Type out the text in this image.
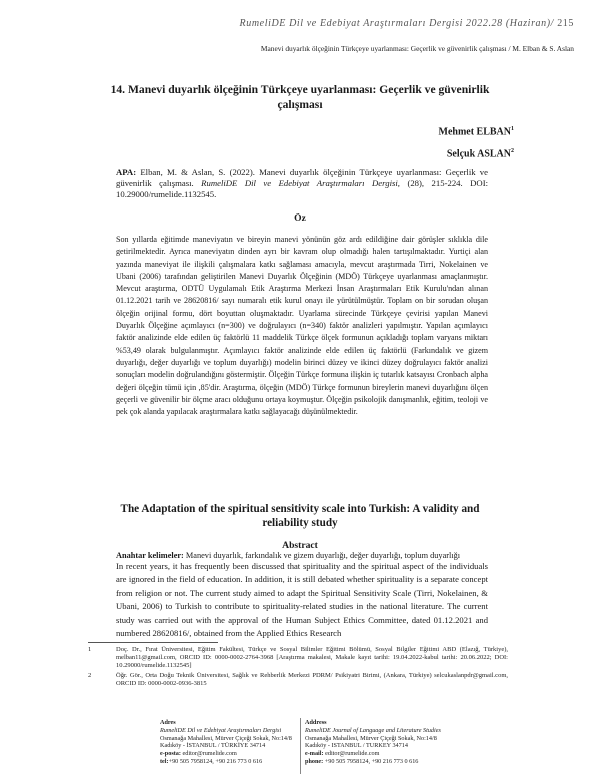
RumeliDE Dil ve Edebiyat Araştırmaları Dergisi 2022.28 (Haziran)/ 215
Manevi duyarlık ölçeğinin Türkçeye uyarlanması: Geçerlik ve güvenirlik çalışması / M. Elban & S. Aslan
14. Manevi duyarlık ölçeğinin Türkçeye uyarlanması: Geçerlik ve güvenirlik çalışması
Mehmet ELBAN$^1$
Selçuk ASLAN$^2$
APA: Elban, M. & Aslan, S. (2022). Manevi duyarlık ölçeğinin Türkçeye uyarlanması: Geçerlik ve güvenirlik çalışması. RumeliDE Dil ve Edebiyat Araştırmaları Dergisi, (28), 215-224. DOI: 10.29000/rumelide.1132545.
Öz

Son yıllarda eğitimde maneviyatın ve bireyin manevi yönünün göz ardı edildiğine dair görüşler sıklıkla dile getirilmektedir. Ayrıca maneviyatın dinden ayrı bir kavram olup olmadığı halen tartışılmaktadır. Yurtiçi alan yazında maneviyat ile ilişkili çalışmalara katkı sağlaması amacıyla, mevcut araştırmada Tirri, Nokelainen ve Ubani (2006) tarafından geliştirilen Manevi Duyarlık Ölçeğinin (MDÖ) Türkçeye uyarlanması amaçlanmıştır. Mevcut araştırma, ODTÜ Uygulamalı Etik Araştırma Merkezi İnsan Araştırmaları Etik Kurulu'ndan alınan 01.12.2021 tarih ve 28620816/ sayı numaralı etik kurul onayı ile yürütülmüştür. Toplam on bir sorudan oluşan ölçeğin orijinal formu, dört boyuttan oluşmaktadır. Uyarlama sürecinde Türkçeye çevirisi yapılan Manevi Duyarlık Ölçeğine açımlayıcı (n=300) ve doğrulayıcı (n=340) faktör analizleri yapılmıştır. Yapılan açımlayıcı faktör analizinde elde edilen üç faktörlü 11 maddelik Türkçe ölçek formunun açıkladığı toplam varyans miktarı %53,49 olarak bulgulanmıştır. Açımlayıcı faktör analizinde elde edilen üç faktörlü (Farkındalık ve gizem duyarlığı, değer duyarlığı ve toplum duyarlığı) modelin birinci düzey ve ikinci düzey doğrulayıcı faktör analizi sonuçları modelin doğrulandığını göstermiştir. Ölçeğin Türkçe formuna ilişkin iç tutarlık katsayısı Cronbach alpha değeri ölçeğin tümü için ,85'dir. Araştırma, ölçeğin (MDÖ) Türkçe formunun bireylerin manevi duyarlığını ölçen geçerli ve güvenilir bir ölçme aracı olduğunu ortaya koymuştur. Ölçeğin psikolojik danışmanlık, eğitim, teoloji ve pek çok alanda yapılacak araştırmalara katkı sağlayacağı düşünülmektedir.

Anahtar kelimeler: Manevi duyarlık, farkındalık ve gizem duyarlığı, değer duyarlığı, toplum duyarlığı
The Adaptation of the spiritual sensitivity scale into Turkish: A validity and reliability study
Abstract
In recent years, it has frequently been discussed that spirituality and the spiritual aspect of the individuals are ignored in the field of education. In addition, it is still debated whether spirituality is a separate concept from religion or not. The current study aimed to adapt the Spiritual Sensitivity Scale (Tirri, Nokelainen, & Ubani, 2006) to Turkish to contribute to spirituality-related studies in the national literature. The current study was carried out with the approval of the Human Subject Ethics Committee, dated 01.12.2021 and numbered 28620816/, obtained from the Applied Ethics Research
1	Doç. Dr., Fırat Üniversitesi, Eğitim Fakültesi, Türkçe ve Sosyal Bilimler Eğitimi Bölümü, Sosyal Bilgiler Eğitimi ABD (Elazığ, Türkiye), melban11@gmail.com, ORCID ID: 0000-0002-2764-3968 [Araştırma makalesi, Makale kayıt tarihi: 19.04.2022-kabul tarihi: 20.06.2022; DOI: 10.29000/rumelide.1132545]
2	Öğr. Gör., Orta Doğu Teknik Üniversitesi, Sağlık ve Rehberlik Merkezi PDRM/ Psikiyatri Birimi, (Ankara, Türkiye) selcukaslanpdr@gmail.com, ORCID ID: 0000-0002-0936-3815
Adres
RumeliDE Dil ve Edebiyat Araştırmaları Dergisi
Osmanağa Mahallesi, Mürver Çiçeği Sokak, No:14/8
Kadıköy - İSTANBUL / TÜRKİYE 34714
e-posta: editor@rumelide.com
tel:+90 505 7958124, +90 216 773 0 616
Address
RumeliDE Journal of Language and Literature Studies
Osmanağa Mahallesi, Mürver Çiçeği Sokak, No:14/8
Kadıköy - ISTANBUL / TURKEY 34714
e-mail: editor@rumelide.com
phone: +90 505 7958124, +90 216 773 0 616
